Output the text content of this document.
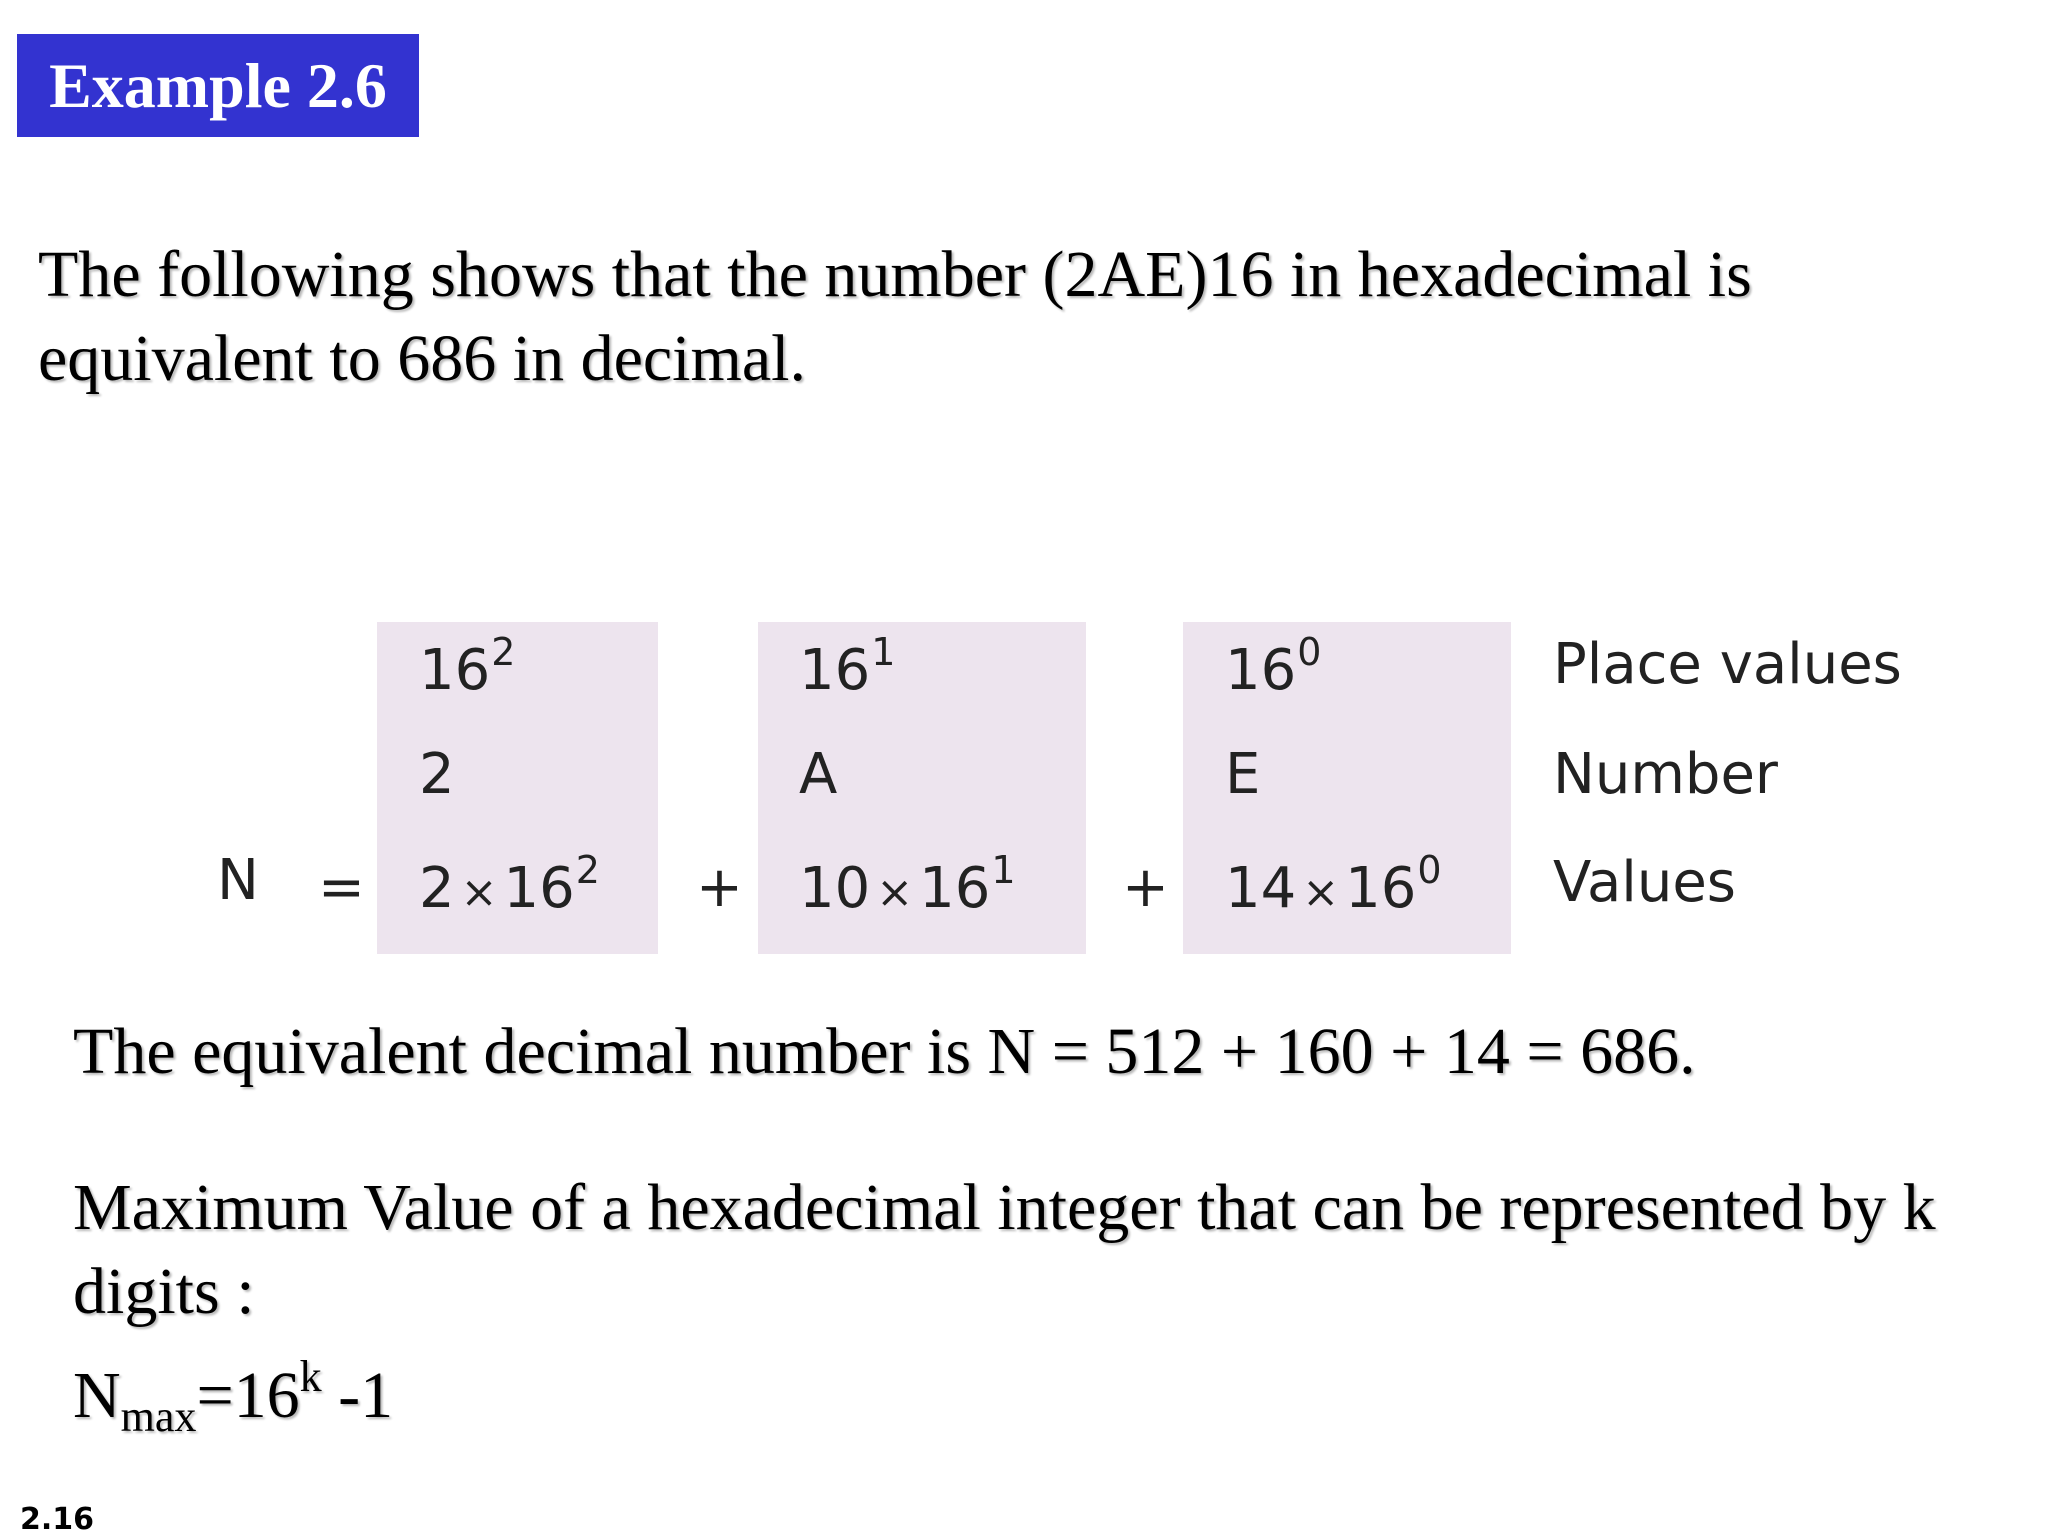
Example 2.6
The following shows that the number (2AE)16 in hexadecimal is equivalent to 686 in decimal.
$16^2$
2
$2 \times 16^2$
$16^1$
A
$10 \times 16^1$
$16^0$
E
$14 \times 16^0$
N =	+	+
Place values
Number
Values
The equivalent decimal number is N = 512 + 160 + 14 = 686.
Maximum Value of a hexadecimal integer that can be represented by k digits :
$N_{max}=16^k$ -1
2.16
